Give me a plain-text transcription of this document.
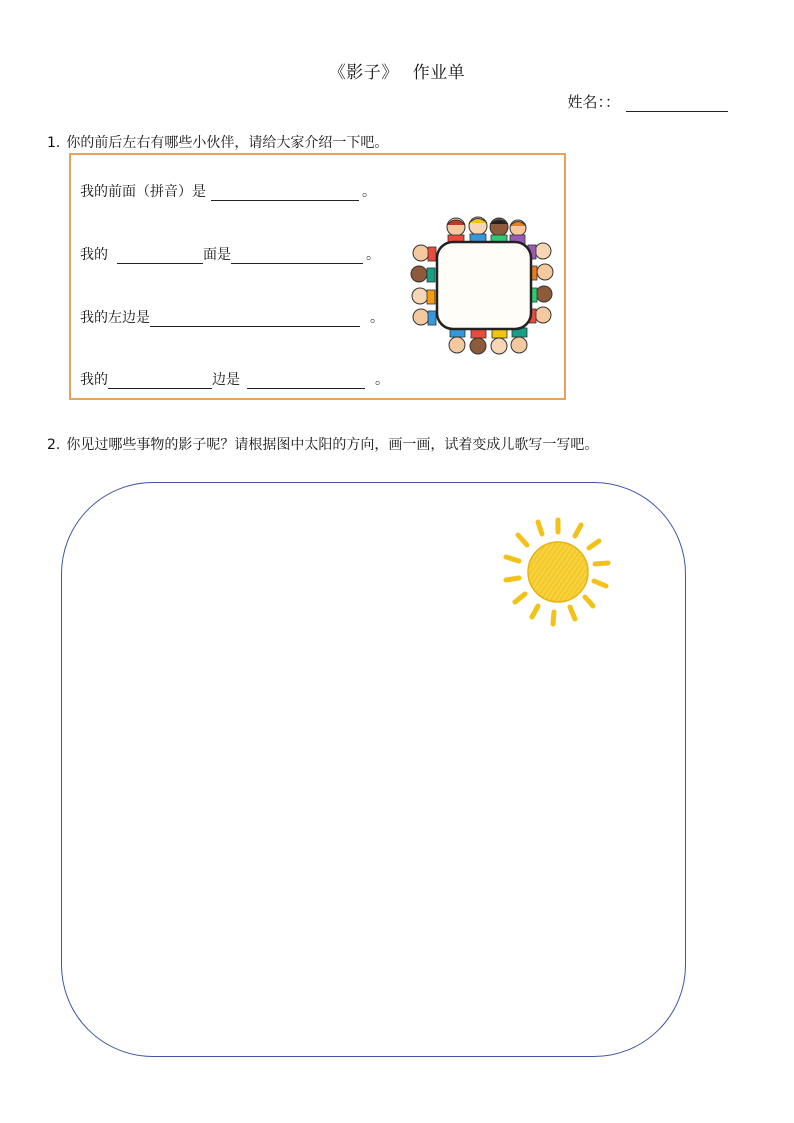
《影子》 作业单
姓名：：
1. 你的前后左右有哪些小伙伴，请给大家介绍一下吧。
我的前面（拼音）是	。
我的	面是	。
我的左边是	。
我的	边是	。
2. 你见过哪些事物的影子呢？请根据图中太阳的方向，画一画，试着变成儿歌写一写吧。
